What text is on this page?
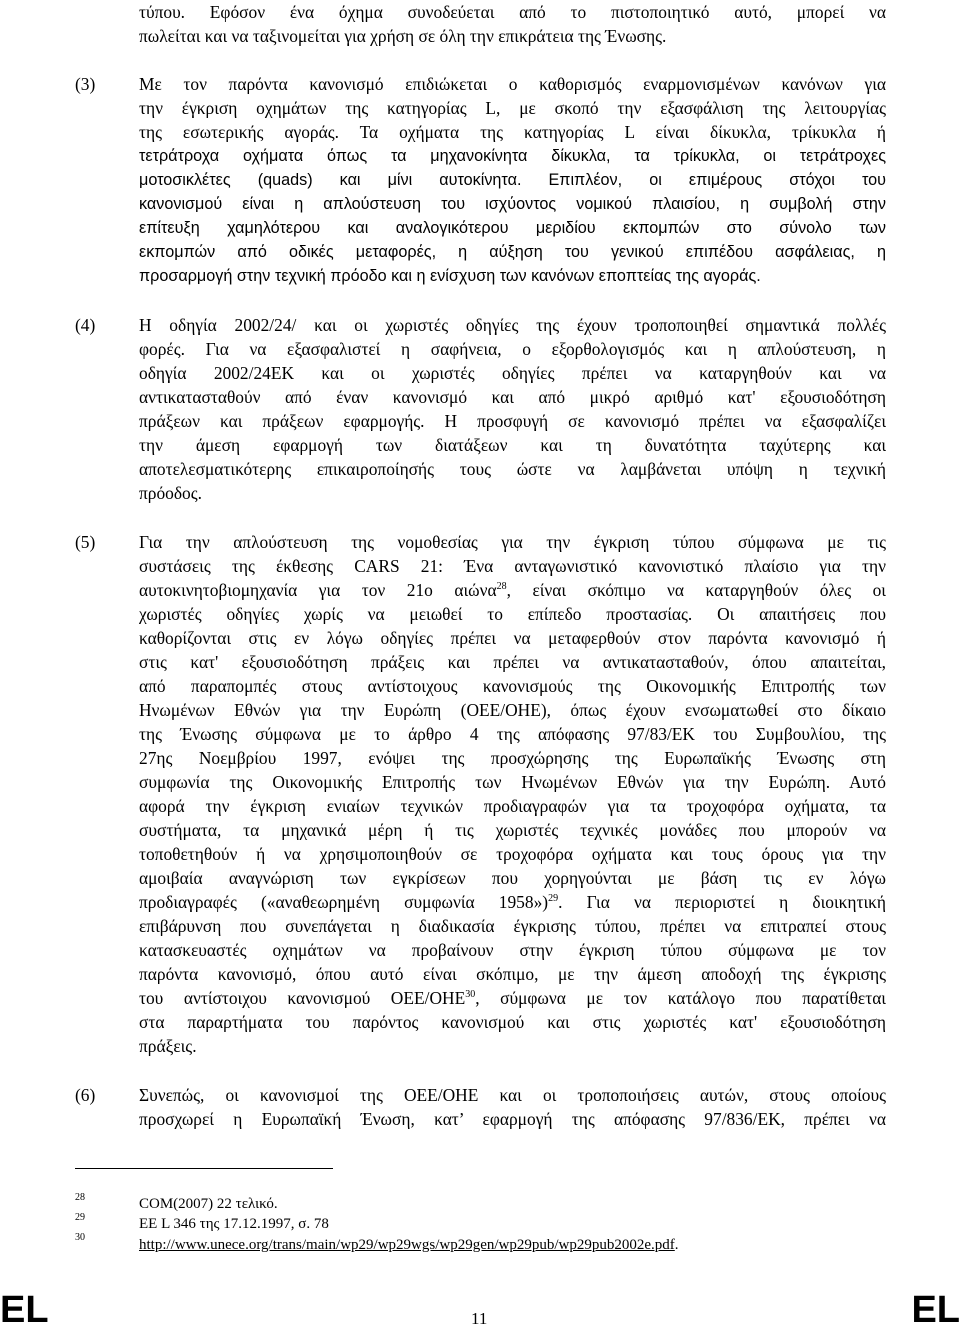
τύπου. Εφόσον ένα όχημα συνοδεύεται από το πιστοποιητικό αυτό, μπορεί να
πωλείται και να ταξινομείται για χρήση σε όλη την επικράτεια της Ένωσης.
(3)	Με τον παρόντα κανονισμό επιδιώκεται ο καθορισμός εναρμονισμένων κανόνων για
την έγκριση οχημάτων της κατηγορίας L, με σκοπό την εξασφάλιση της λειτουργίας
της εσωτερικής αγοράς. Τα οχήματα της κατηγορίας L είναι δίκυκλα, τρίκυκλα ή
τετράτροχα οχήματα όπως τα μηχανοκίνητα δίκυκλα, τα τρίκυκλα, οι τετράτροχες
μοτοσικλέτες (quads) και μίνι αυτοκίνητα. Επιπλέον, οι επιμέρους στόχοι του
κανονισμού είναι η απλούστευση του ισχύοντος νομικού πλαισίου, η συμβολή στην
επίτευξη χαμηλότερου και αναλογικότερου μεριδίου εκπομπών στο σύνολο των
εκπομπών από οδικές μεταφορές, η αύξηση του γενικού επιπέδου ασφάλειας, η
προσαρμογή στην τεχνική πρόοδο και η ενίσχυση των κανόνων εποπτείας της αγοράς.
(4)	Η οδηγία 2002/24/ και οι χωριστές οδηγίες της έχουν τροποποιηθεί σημαντικά πολλές
φορές. Για να εξασφαλιστεί η σαφήνεια, ο εξορθολογισμός και η απλούστευση, η
οδηγία 2002/24ΕΚ και οι χωριστές οδηγίες πρέπει να καταργηθούν και να
αντικατασταθούν από έναν κανονισμό και από μικρό αριθμό κατ' εξουσιοδότηση
πράξεων και πράξεων εφαρμογής. Η προσφυγή σε κανονισμό πρέπει να εξασφαλίζει
την άμεση εφαρμογή των διατάξεων και τη δυνατότητα ταχύτερης και
αποτελεσματικότερης επικαιροποίησής τους ώστε να λαμβάνεται υπόψη η τεχνική
πρόοδος.
(5)	Για την απλούστευση της νομοθεσίας για την έγκριση τύπου σύμφωνα με τις
συστάσεις της έκθεσης CARS 21: Ένα ανταγωνιστικό κανονιστικό πλαίσιο για την
αυτοκινητοβιομηχανία για τον 21ο αιώνα$^{28}$, είναι σκόπιμο να καταργηθούν όλες οι
χωριστές οδηγίες χωρίς να μειωθεί το επίπεδο προστασίας. Οι απαιτήσεις που
καθορίζονται στις εν λόγω οδηγίες πρέπει να μεταφερθούν στον παρόντα κανονισμό ή
στις κατ' εξουσιοδότηση πράξεις και πρέπει να αντικατασταθούν, όπου απαιτείται,
από παραπομπές στους αντίστοιχους κανονισμούς της Οικονομικής Επιτροπής των
Ηνωμένων Εθνών για την Ευρώπη (ΟΕΕ/ΟΗΕ), όπως έχουν ενσωματωθεί στο δίκαιο
της Ένωσης σύμφωνα με το άρθρο 4 της απόφασης 97/83/ΕΚ του Συμβουλίου, της
27ης Νοεμβρίου 1997, ενόψει της προσχώρησης της Ευρωπαϊκής Ένωσης στη
συμφωνία της Οικονομικής Επιτροπής των Ηνωμένων Εθνών για την Ευρώπη. Αυτό
αφορά την έγκριση ενιαίων τεχνικών προδιαγραφών για τα τροχοφόρα οχήματα, τα
συστήματα, τα μηχανικά μέρη ή τις χωριστές τεχνικές μονάδες που μπορούν να
τοποθετηθούν ή να χρησιμοποιηθούν σε τροχοφόρα οχήματα και τους όρους για την
αμοιβαία αναγνώριση των εγκρίσεων που χορηγούνται με βάση τις εν λόγω
προδιαγραφές («αναθεωρημένη συμφωνία 1958»)$^{29}$. Για να περιοριστεί η διοικητική
επιβάρυνση που συνεπάγεται η διαδικασία έγκρισης τύπου, πρέπει να επιτραπεί στους
κατασκευαστές οχημάτων να προβαίνουν στην έγκριση τύπου σύμφωνα με τον
παρόντα κανονισμό, όπου αυτό είναι σκόπιμο, με την άμεση αποδοχή της έγκρισης
του αντίστοιχου κανονισμού ΟΕΕ/ΟΗΕ$^{30}$, σύμφωνα με τον κατάλογο που παρατίθεται
στα παραρτήματα του παρόντος κανονισμού και στις χωριστές κατ' εξουσιοδότηση
πράξεις.
(6)	Συνεπώς, οι κανονισμοί της ΟΕΕ/ΟΗΕ και οι τροποποιήσεις αυτών, στους οποίους
προσχωρεί η Ευρωπαϊκή Ένωση, κατ’ εφαρμογή της απόφασης 97/836/ΕΚ, πρέπει να
28	COM(2007) 22 τελικό.
29	ΕΕ L 346 της 17.12.1997, σ. 78
30	http://www.unece.org/trans/main/wp29/wp29wgs/wp29gen/wp29pub/wp29pub2002e.pdf.
EL	11	EL
